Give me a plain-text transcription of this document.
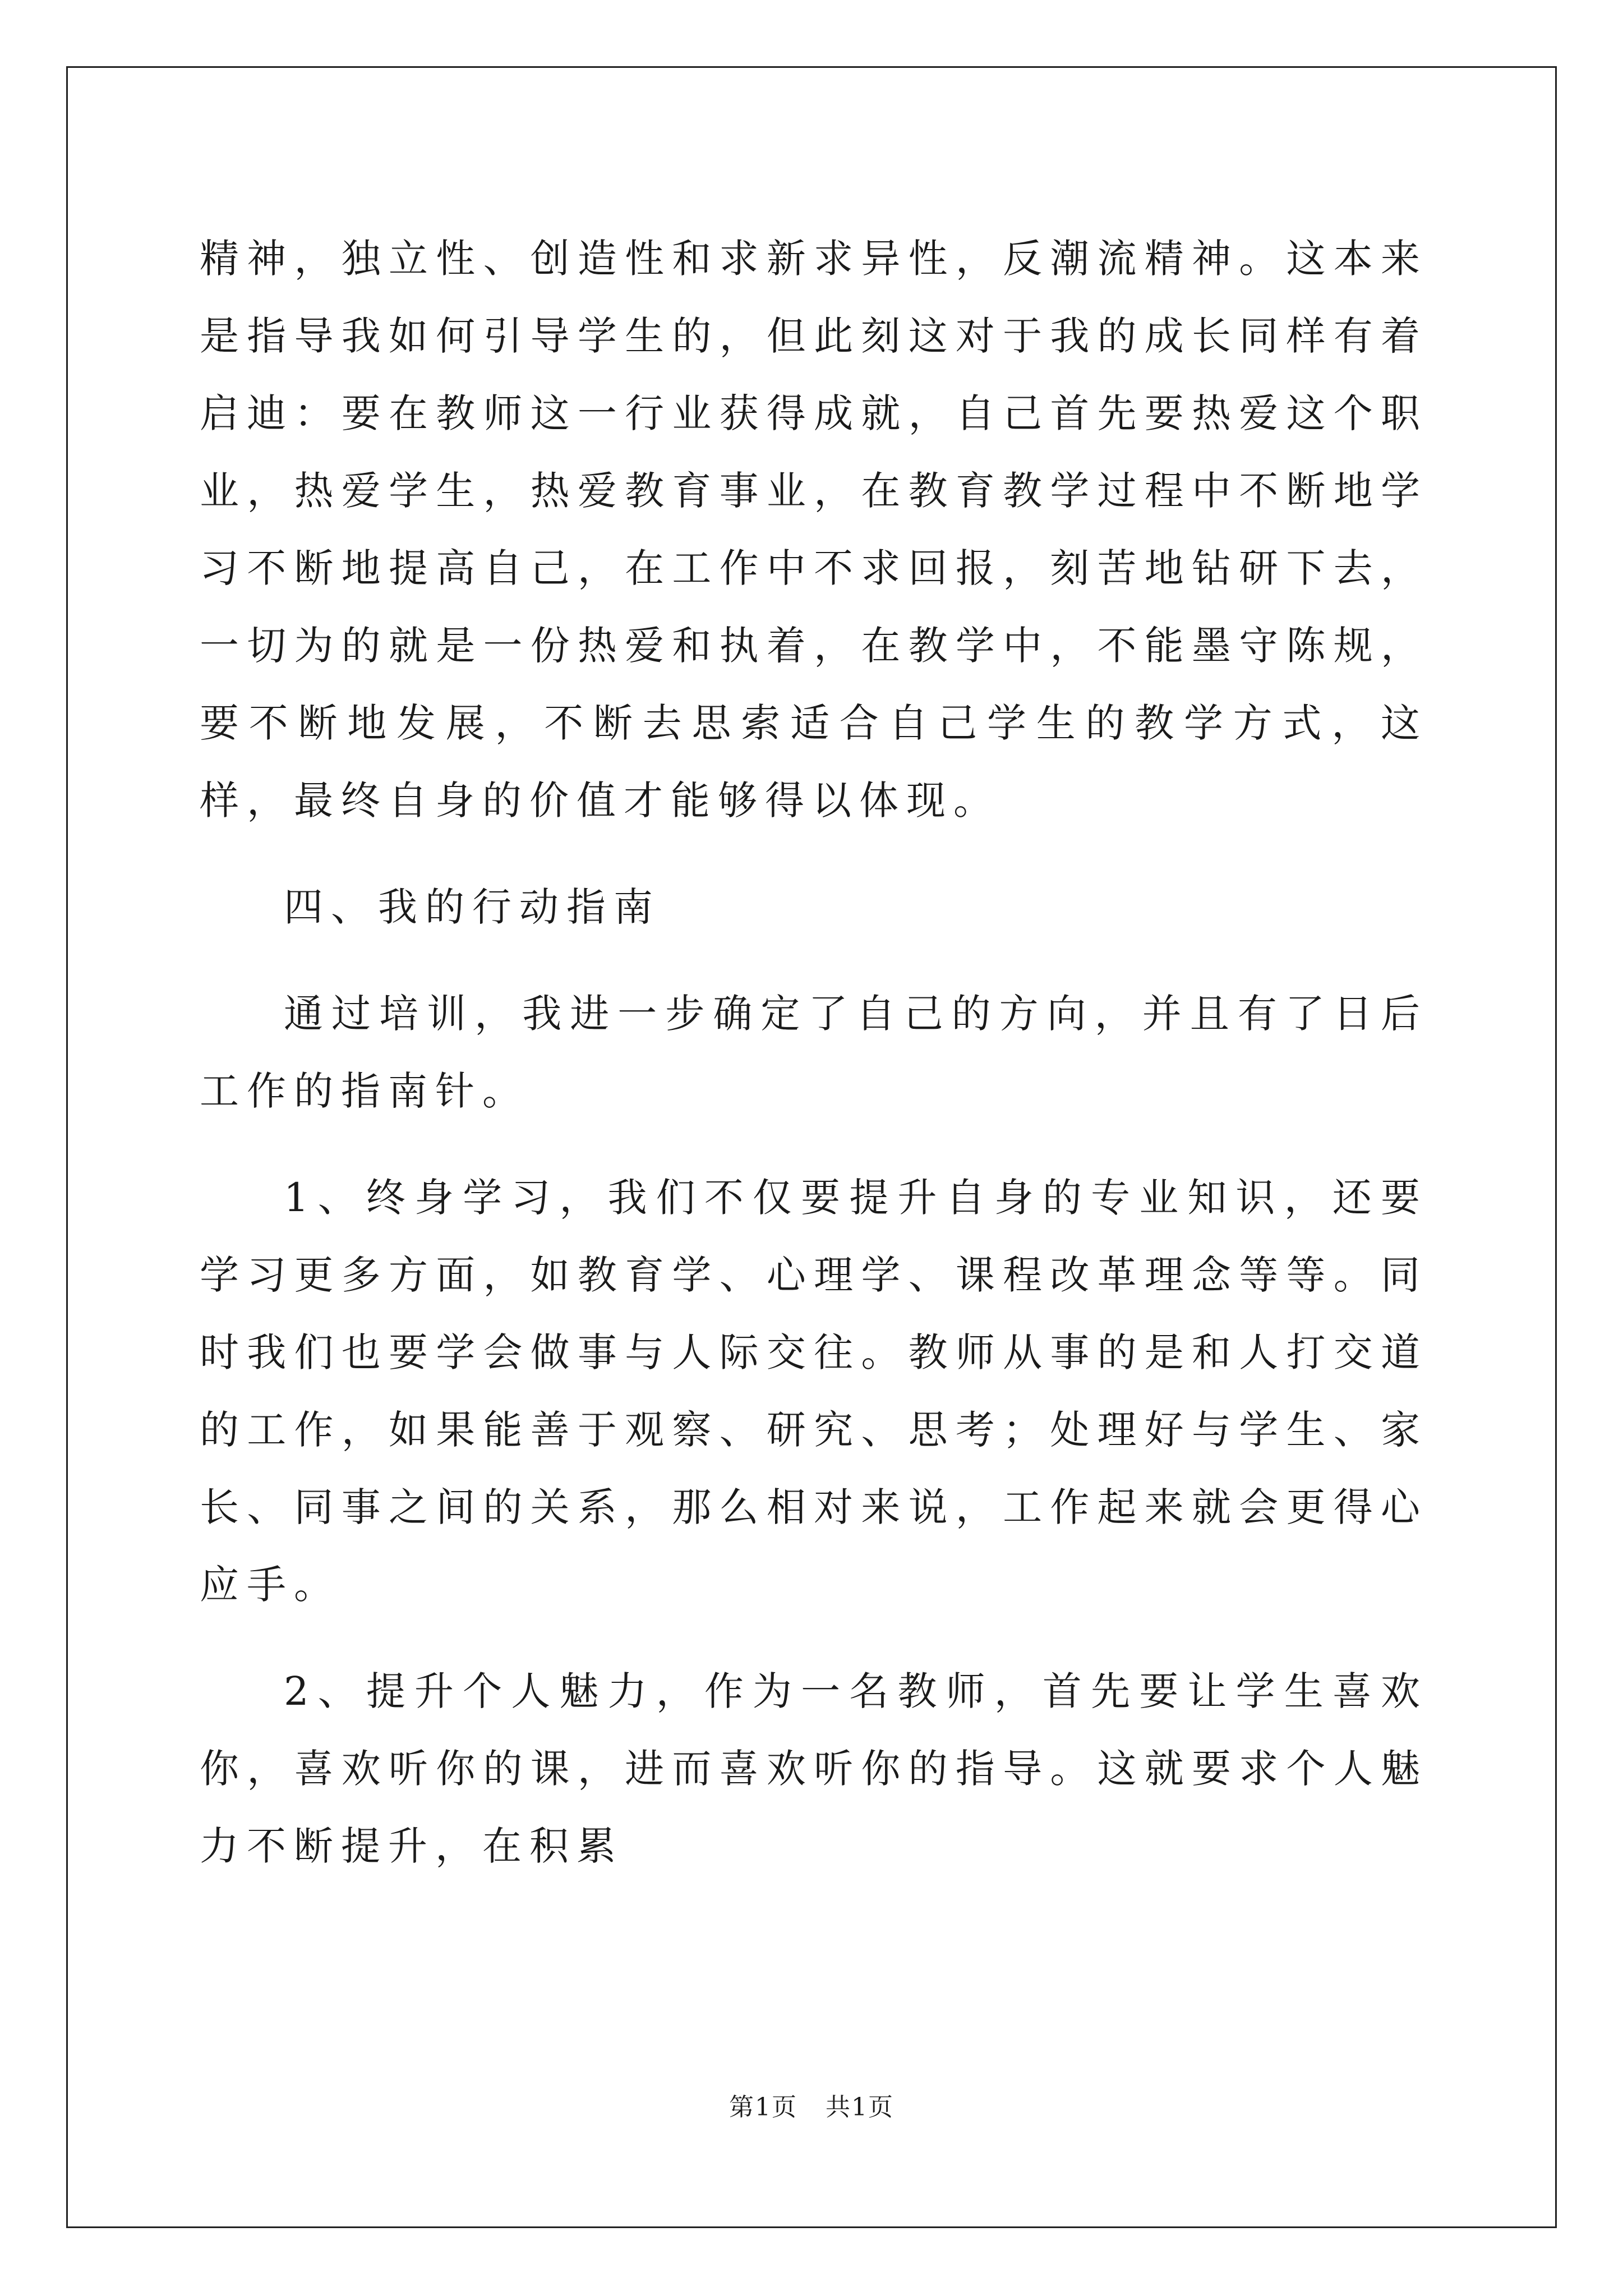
精神，独立性、创造性和求新求异性，反潮流精神。这本来是指导我如何引导学生的，但此刻这对于我的成长同样有着启迪：要在教师这一行业获得成就，自己首先要热爱这个职业，热爱学生，热爱教育事业，在教育教学过程中不断地学习不断地提高自己，在工作中不求回报，刻苦地钻研下去，一切为的就是一份热爱和执着，在教学中，不能墨守陈规，要不断地发展，不断去思索适合自己学生的教学方式，这样，最终自身的价值才能够得以体现。

四、我的行动指南

通过培训，我进一步确定了自己的方向，并且有了日后工作的指南针。

1、终身学习，我们不仅要提升自身的专业知识，还要学习更多方面，如教育学、心理学、课程改革理念等等。同时我们也要学会做事与人际交往。教师从事的是和人打交道的工作，如果能善于观察、研究、思考；处理好与学生、家长、同事之间的关系，那么相对来说，工作起来就会更得心应手。

2、提升个人魅力，作为一名教师，首先要让学生喜欢你，喜欢听你的课，进而喜欢听你的指导。这就要求个人魅力不断提升，在积累

第1页 共1页
